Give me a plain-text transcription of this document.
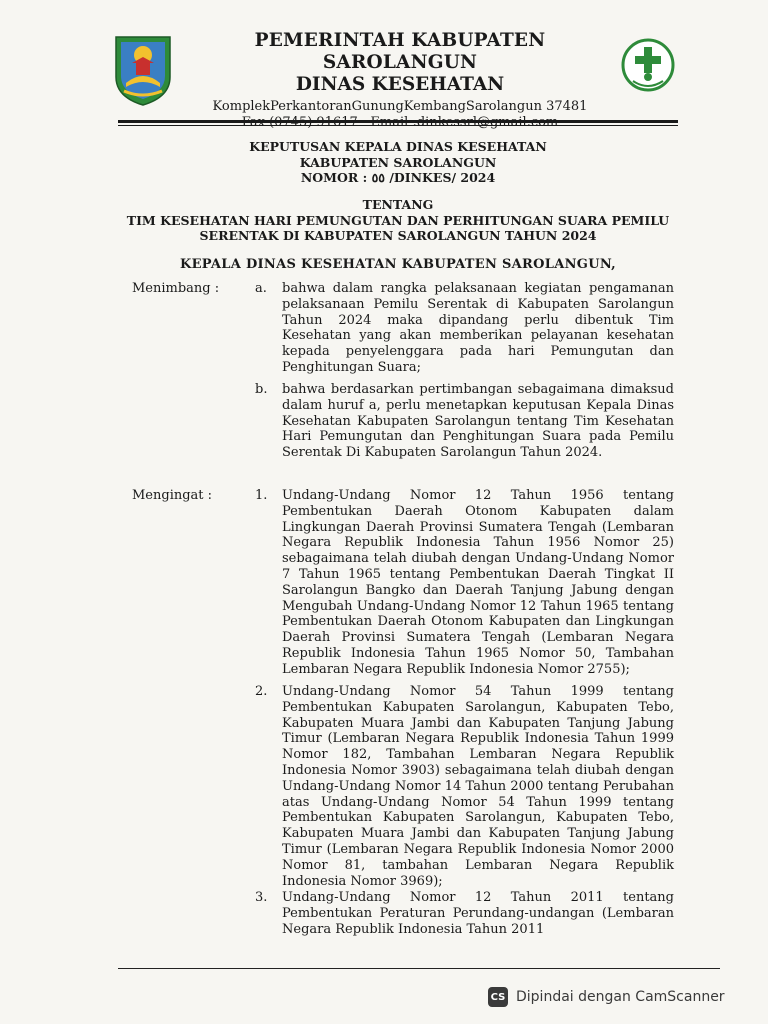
PEMERINTAH KABUPATEN SAROLANGUN
DINAS KESEHATAN
KomplekPerkantoranGunungKembangSarolangun 37481
KEPUTUSAN KEPALA DINAS KESEHATAN
KABUPATEN SAROLANGUN
NOMOR : ٥٥ /DINKES/ 2024
TENTANG
TIM KESEHATAN HARI PEMUNGUTAN DAN PERHITUNGAN SUARA PEMILU
SERENTAK DI KABUPATEN SAROLANGUN TAHUN 2024
KEPALA DINAS KESEHATAN KABUPATEN SAROLANGUN,
Menimbang :	a. bahwa dalam rangka pelaksanaan kegiatan pengamanan pelaksanaan Pemilu Serentak di Kabupaten Sarolangun Tahun 2024 maka dipandang perlu dibentuk Tim Kesehatan yang akan memberikan pelayanan kesehatan kepada penyelenggara pada hari Pemungutan dan Penghitungan Suara;
b. bahwa berdasarkan pertimbangan sebagaimana dimaksud dalam huruf a, perlu menetapkan keputusan Kepala Dinas Kesehatan Kabupaten Sarolangun tentang Tim Kesehatan Hari Pemungutan dan Penghitungan Suara pada Pemilu Serentak Di Kabupaten Sarolangun Tahun 2024.
Mengingat :	1. Undang-Undang Nomor 12 Tahun 1956 tentang Pembentukan Daerah Otonom Kabupaten dalam Lingkungan Daerah Provinsi Sumatera Tengah (Lembaran Negara Republik Indonesia Tahun 1956 Nomor 25) sebagaimana telah diubah dengan Undang-Undang Nomor 7 Tahun 1965 tentang Pembentukan Daerah Tingkat II Sarolangun Bangko dan Daerah Tanjung Jabung dengan Mengubah Undang-Undang Nomor 12 Tahun 1965 tentang Pembentukan Daerah Otonom Kabupaten dan Lingkungan Daerah Provinsi Sumatera Tengah (Lembaran Negara Republik Indonesia Tahun 1965 Nomor 50, Tambahan Lembaran Negara Republik Indonesia Nomor 2755);
2. Undang-Undang Nomor 54 Tahun 1999 tentang Pembentukan Kabupaten Sarolangun, Kabupaten Tebo, Kabupaten Muara Jambi dan Kabupaten Tanjung Jabung Timur (Lembaran Negara Republik Indonesia Tahun 1999 Nomor 182, Tambahan Lembaran Negara Republik Indonesia Nomor 3903) sebagaimana telah diubah dengan Undang-Undang Nomor 14 Tahun 2000 tentang Perubahan atas Undang-Undang Nomor 54 Tahun 1999 tentang Pembentukan Kabupaten Sarolangun, Kabupaten Tebo, Kabupaten Muara Jambi dan Kabupaten Tanjung Jabung Timur (Lembaran Negara Republik Indonesia Nomor 2000 Nomor 81, tambahan Lembaran Negara Republik Indonesia Nomor 3969);
3. Undang-Undang Nomor 12 Tahun 2011 tentang Pembentukan Peraturan Perundang-undangan (Lembaran Negara Republik Indonesia Tahun 2011
CS Dipindai dengan CamScanner
